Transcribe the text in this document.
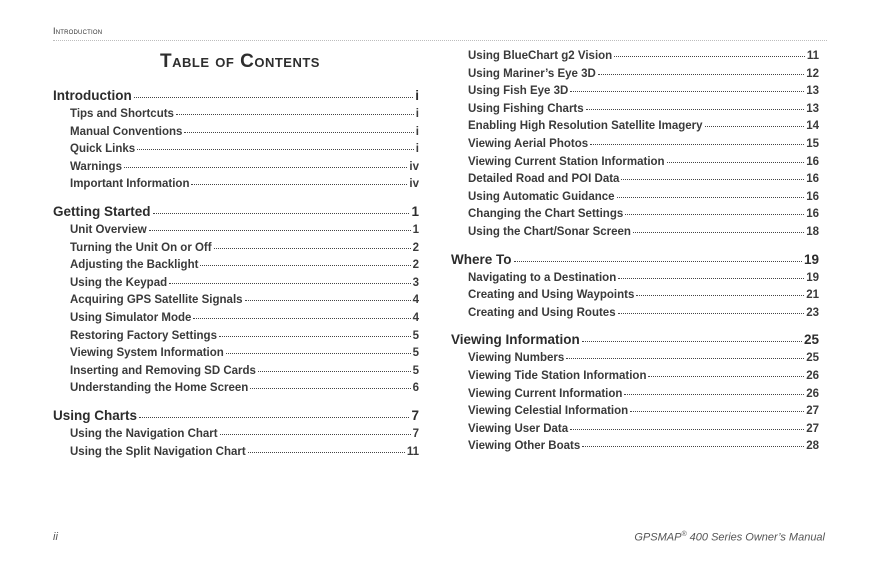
Introduction
Table of Contents
Introduction	i
Tips and Shortcuts	i
Manual Conventions	i
Quick Links	i
Warnings	iv
Important Information	iv
Getting Started	1
Unit Overview	1
Turning the Unit On or Off	2
Adjusting the Backlight	2
Using the Keypad	3
Acquiring GPS Satellite Signals	4
Using Simulator Mode	4
Restoring Factory Settings	5
Viewing System Information	5
Inserting and Removing SD Cards	5
Understanding the Home Screen	6
Using Charts	7
Using the Navigation Chart	7
Using the Split Navigation Chart	11
Using BlueChart g2 Vision	11
Using Mariner’s Eye 3D	12
Using Fish Eye 3D	13
Using Fishing Charts	13
Enabling High Resolution Satellite Imagery	14
Viewing Aerial Photos	15
Viewing Current Station Information	16
Detailed Road and POI Data	16
Using Automatic Guidance	16
Changing the Chart Settings	16
Using the Chart/Sonar Screen	18
Where To	19
Navigating to a Destination	19
Creating and Using Waypoints	21
Creating and Using Routes	23
Viewing Information	25
Viewing Numbers	25
Viewing Tide Station Information	26
Viewing Current Information	26
Viewing Celestial Information	27
Viewing User Data	27
Viewing Other Boats	28
ii	GPSMAP® 400 Series Owner’s Manual
